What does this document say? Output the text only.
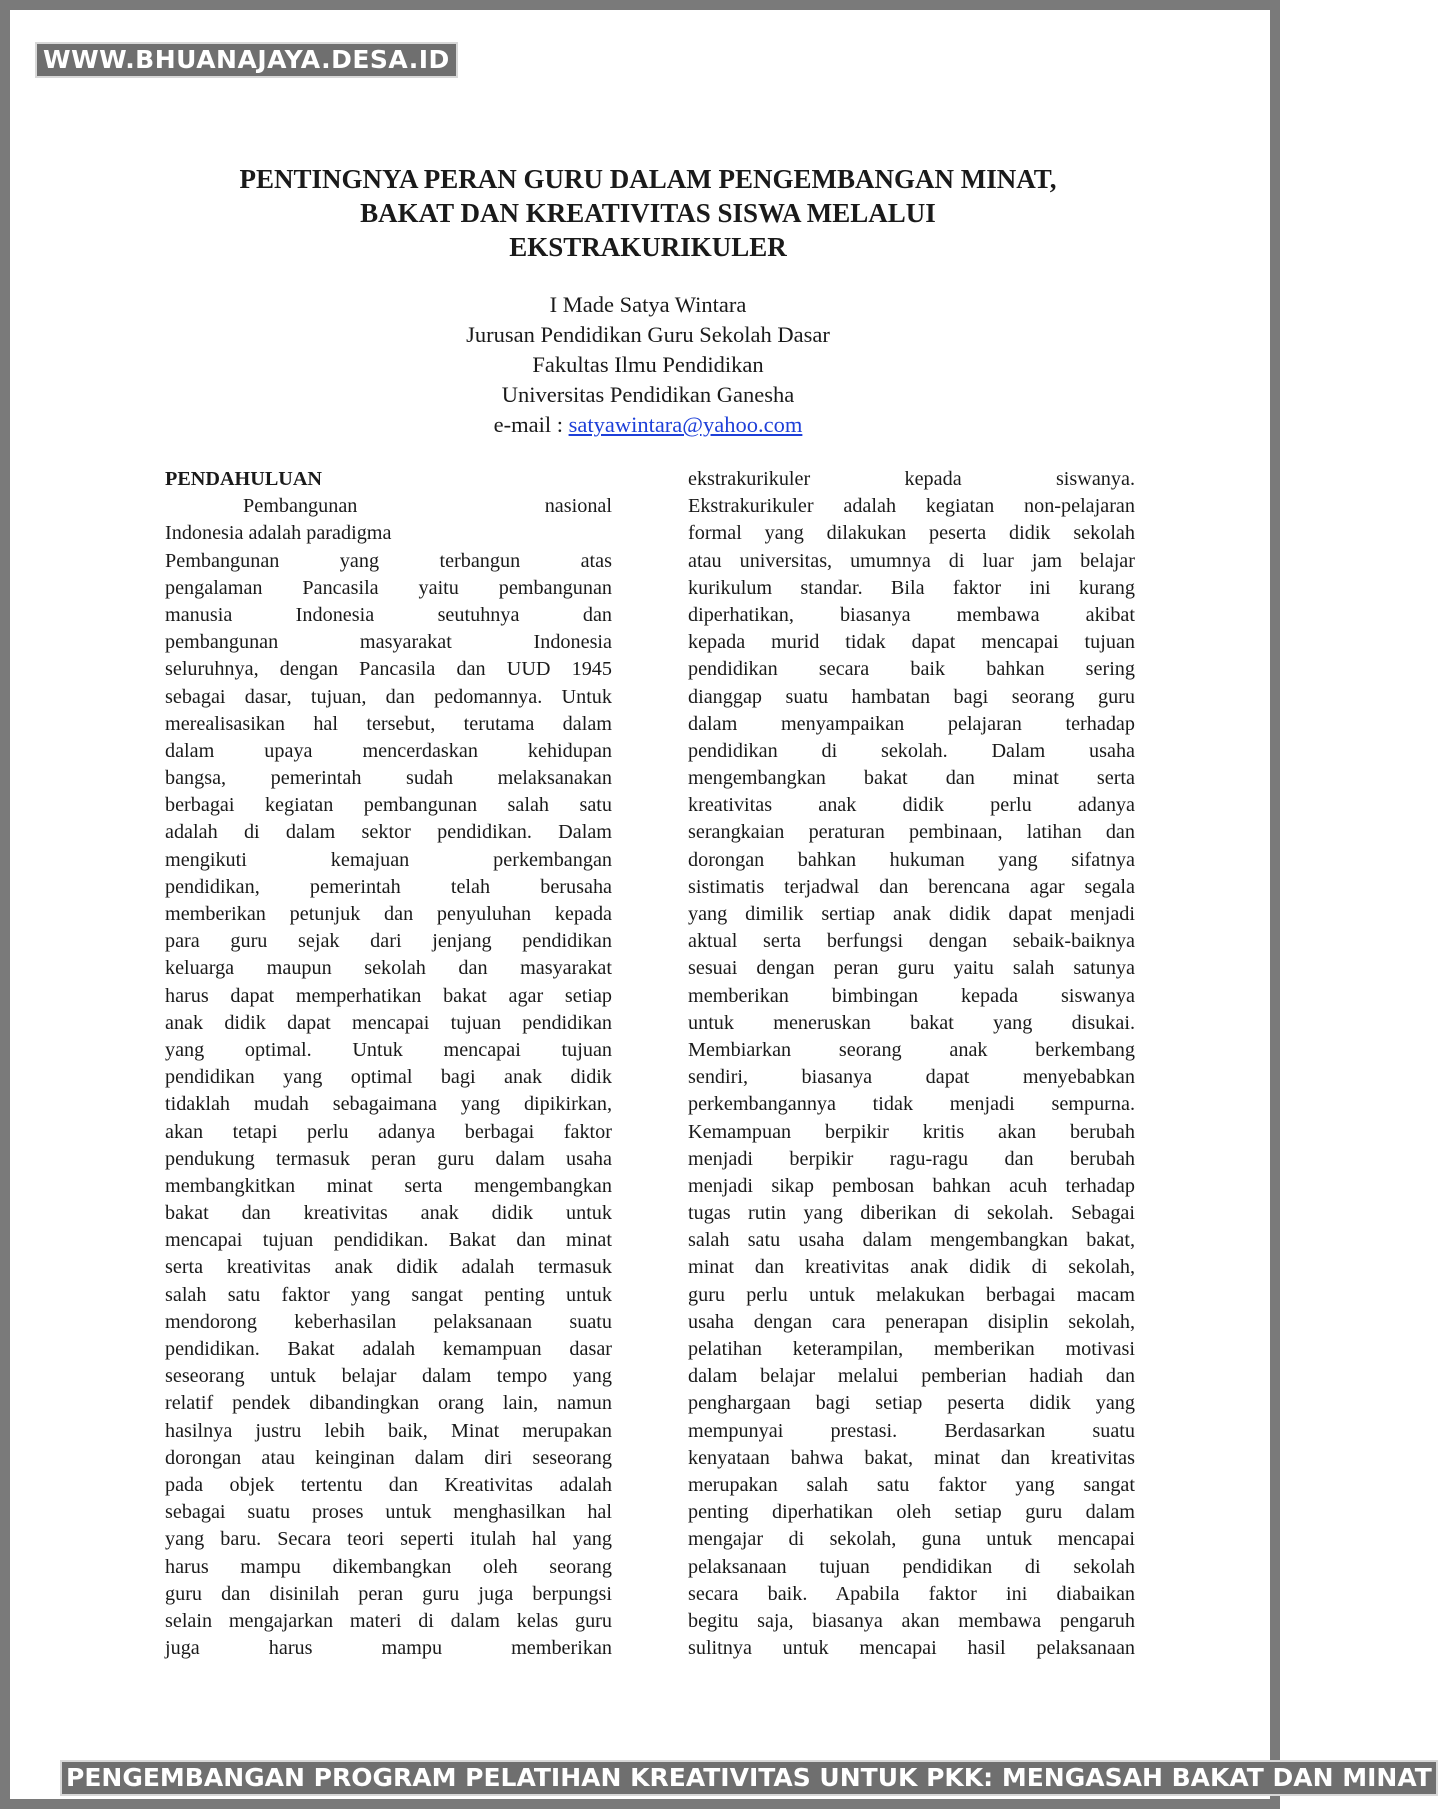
WWW.BHUANAJAYA.DESA.ID
PENTINGNYA PERAN GURU DALAM PENGEMBANGAN MINAT,
BAKAT DAN KREATIVITAS SISWA MELALUI
EKSTRAKURIKULER
I Made Satya Wintara
Jurusan Pendidikan Guru Sekolah Dasar
Fakultas Ilmu Pendidikan
Universitas Pendidikan Ganesha
e-mail : satyawintara@yahoo.com
PENDAHULUAN
Pembangunan nasional
Indonesia adalah paradigma
Pembangunan yang terbangun atas
pengalaman Pancasila yaitu pembangunan
manusia Indonesia seutuhnya dan
pembangunan masyarakat Indonesia
seluruhnya, dengan Pancasila dan UUD 1945
sebagai dasar, tujuan, dan pedomannya. Untuk
merealisasikan hal tersebut, terutama dalam
dalam upaya mencerdaskan kehidupan
bangsa, pemerintah sudah melaksanakan
berbagai kegiatan pembangunan salah satu
adalah di dalam sektor pendidikan. Dalam
mengikuti kemajuan perkembangan
pendidikan, pemerintah telah berusaha
memberikan petunjuk dan penyuluhan kepada
para guru sejak dari jenjang pendidikan
keluarga maupun sekolah dan masyarakat
harus dapat memperhatikan bakat agar setiap
anak didik dapat mencapai tujuan pendidikan
yang optimal. Untuk mencapai tujuan
pendidikan yang optimal bagi anak didik
tidaklah mudah sebagaimana yang dipikirkan,
akan tetapi perlu adanya berbagai faktor
pendukung termasuk peran guru dalam usaha
membangkitkan minat serta mengembangkan
bakat dan kreativitas anak didik untuk
mencapai tujuan pendidikan. Bakat dan minat
serta kreativitas anak didik adalah termasuk
salah satu faktor yang sangat penting untuk
mendorong keberhasilan pelaksanaan suatu
pendidikan. Bakat adalah kemampuan dasar
seseorang untuk belajar dalam tempo yang
relatif pendek dibandingkan orang lain, namun
hasilnya justru lebih baik, Minat merupakan
dorongan atau keinginan dalam diri seseorang
pada objek tertentu dan Kreativitas adalah
sebagai suatu proses untuk menghasilkan hal
yang baru. Secara teori seperti itulah hal yang
harus mampu dikembangkan oleh seorang
guru dan disinilah peran guru juga berpungsi
selain mengajarkan materi di dalam kelas guru
juga harus mampu memberikan
ekstrakurikuler kepada siswanya.
Ekstrakurikuler adalah kegiatan non-pelajaran
formal yang dilakukan peserta didik sekolah
atau universitas, umumnya di luar jam belajar
kurikulum standar. Bila faktor ini kurang
diperhatikan, biasanya membawa akibat
kepada murid tidak dapat mencapai tujuan
pendidikan secara baik bahkan sering
dianggap suatu hambatan bagi seorang guru
dalam menyampaikan pelajaran terhadap
pendidikan di sekolah. Dalam usaha
mengembangkan bakat dan minat serta
kreativitas anak didik perlu adanya
serangkaian peraturan pembinaan, latihan dan
dorongan bahkan hukuman yang sifatnya
sistimatis terjadwal dan berencana agar segala
yang dimilik sertiap anak didik dapat menjadi
aktual serta berfungsi dengan sebaik-baiknya
sesuai dengan peran guru yaitu salah satunya
memberikan bimbingan kepada siswanya
untuk meneruskan bakat yang disukai.
Membiarkan seorang anak berkembang
sendiri, biasanya dapat menyebabkan
perkembangannya tidak menjadi sempurna.
Kemampuan berpikir kritis akan berubah
menjadi berpikir ragu-ragu dan berubah
menjadi sikap pembosan bahkan acuh terhadap
tugas rutin yang diberikan di sekolah. Sebagai
salah satu usaha dalam mengembangkan bakat,
minat dan kreativitas anak didik di sekolah,
guru perlu untuk melakukan berbagai macam
usaha dengan cara penerapan disiplin sekolah,
pelatihan keterampilan, memberikan motivasi
dalam belajar melalui pemberian hadiah dan
penghargaan bagi setiap peserta didik yang
mempunyai prestasi. Berdasarkan suatu
kenyataan bahwa bakat, minat dan kreativitas
merupakan salah satu faktor yang sangat
penting diperhatikan oleh setiap guru dalam
mengajar di sekolah, guna untuk mencapai
pelaksanaan tujuan pendidikan di sekolah
secara baik. Apabila faktor ini diabaikan
begitu saja, biasanya akan membawa pengaruh
sulitnya untuk mencapai hasil pelaksanaan
PENGEMBANGAN PROGRAM PELATIHAN KREATIVITAS UNTUK PKK: MENGASAH BAKAT DAN MINAT
